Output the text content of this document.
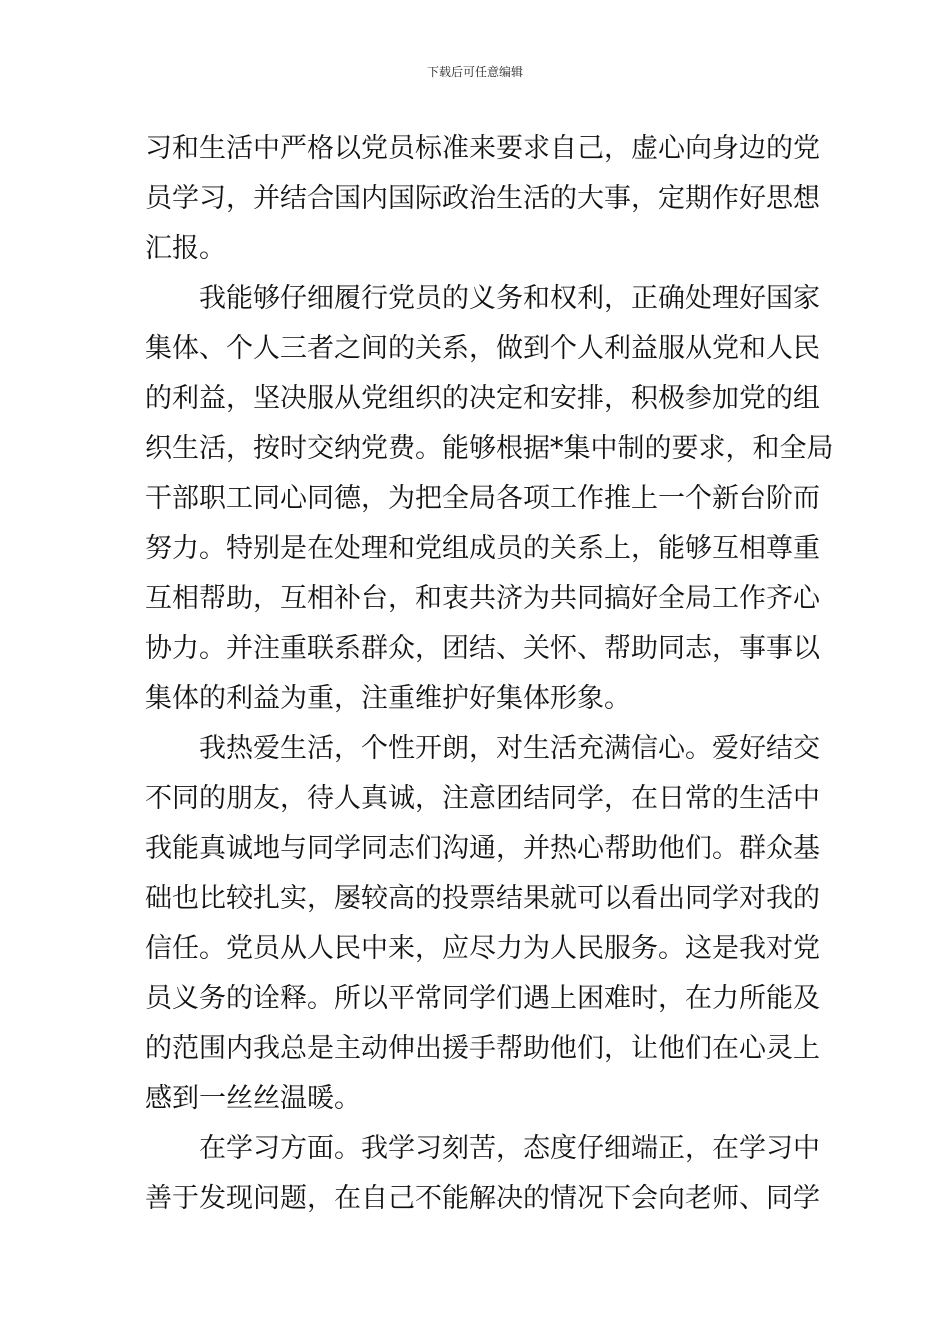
下载后可任意编辑
习和生活中严格以党员标准来要求自己，虚心向身边的党
员学习，并结合国内国际政治生活的大事，定期作好思想
汇报。
我能够仔细履行党员的义务和权利，正确处理好国家
集体、个人三者之间的关系，做到个人利益服从党和人民
的利益，坚决服从党组织的决定和安排，积极参加党的组
织生活，按时交纳党费。能够根据*集中制的要求，和全局
干部职工同心同德，为把全局各项工作推上一个新台阶而
努力。特别是在处理和党组成员的关系上，能够互相尊重
互相帮助，互相补台，和衷共济为共同搞好全局工作齐心
协力。并注重联系群众，团结、关怀、帮助同志，事事以
集体的利益为重，注重维护好集体形象。
我热爱生活，个性开朗，对生活充满信心。爱好结交
不同的朋友，待人真诚，注意团结同学，在日常的生活中
我能真诚地与同学同志们沟通，并热心帮助他们。群众基
础也比较扎实，屡较高的投票结果就可以看出同学对我的
信任。党员从人民中来，应尽力为人民服务。这是我对党
员义务的诠释。所以平常同学们遇上困难时，在力所能及
的范围内我总是主动伸出援手帮助他们，让他们在心灵上
感到一丝丝温暖。
在学习方面。我学习刻苦，态度仔细端正，在学习中
善于发现问题，在自己不能解决的情况下会向老师、同学
